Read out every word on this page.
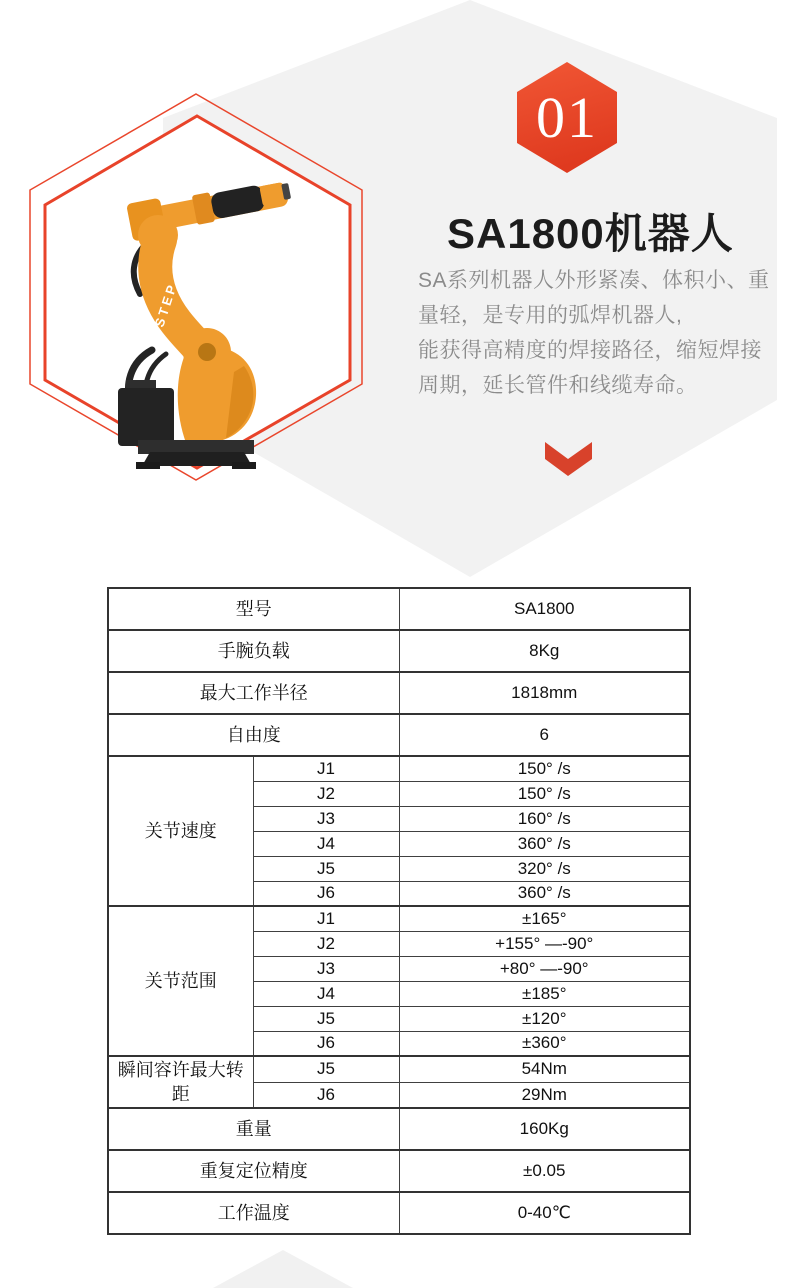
STEP
01
SA1800机器人
SA系列机器人外形紧凑、体积小、重
量轻，是专用的弧焊机器人,
能获得高精度的焊接路径，缩短焊接
周期，延长管件和线缆寿命。
型号		SA1800
手腕负载		8Kg
最大工作半径		1818mm
自由度		6
关节速度	J1	150° /s
	J2	150° /s
	J3	160° /s
	J4	360° /s
	J5	320° /s
	J6	360° /s
关节范围	J1	±165°
	J2	+155° —-90°
	J3	+80° —-90°
	J4	±185°
	J5	±120°
	J6	±360°
瞬间容许最大转距	J5	54Nm
	J6	29Nm
重量		160Kg
重复定位精度		±0.05
工作温度		0-40℃
